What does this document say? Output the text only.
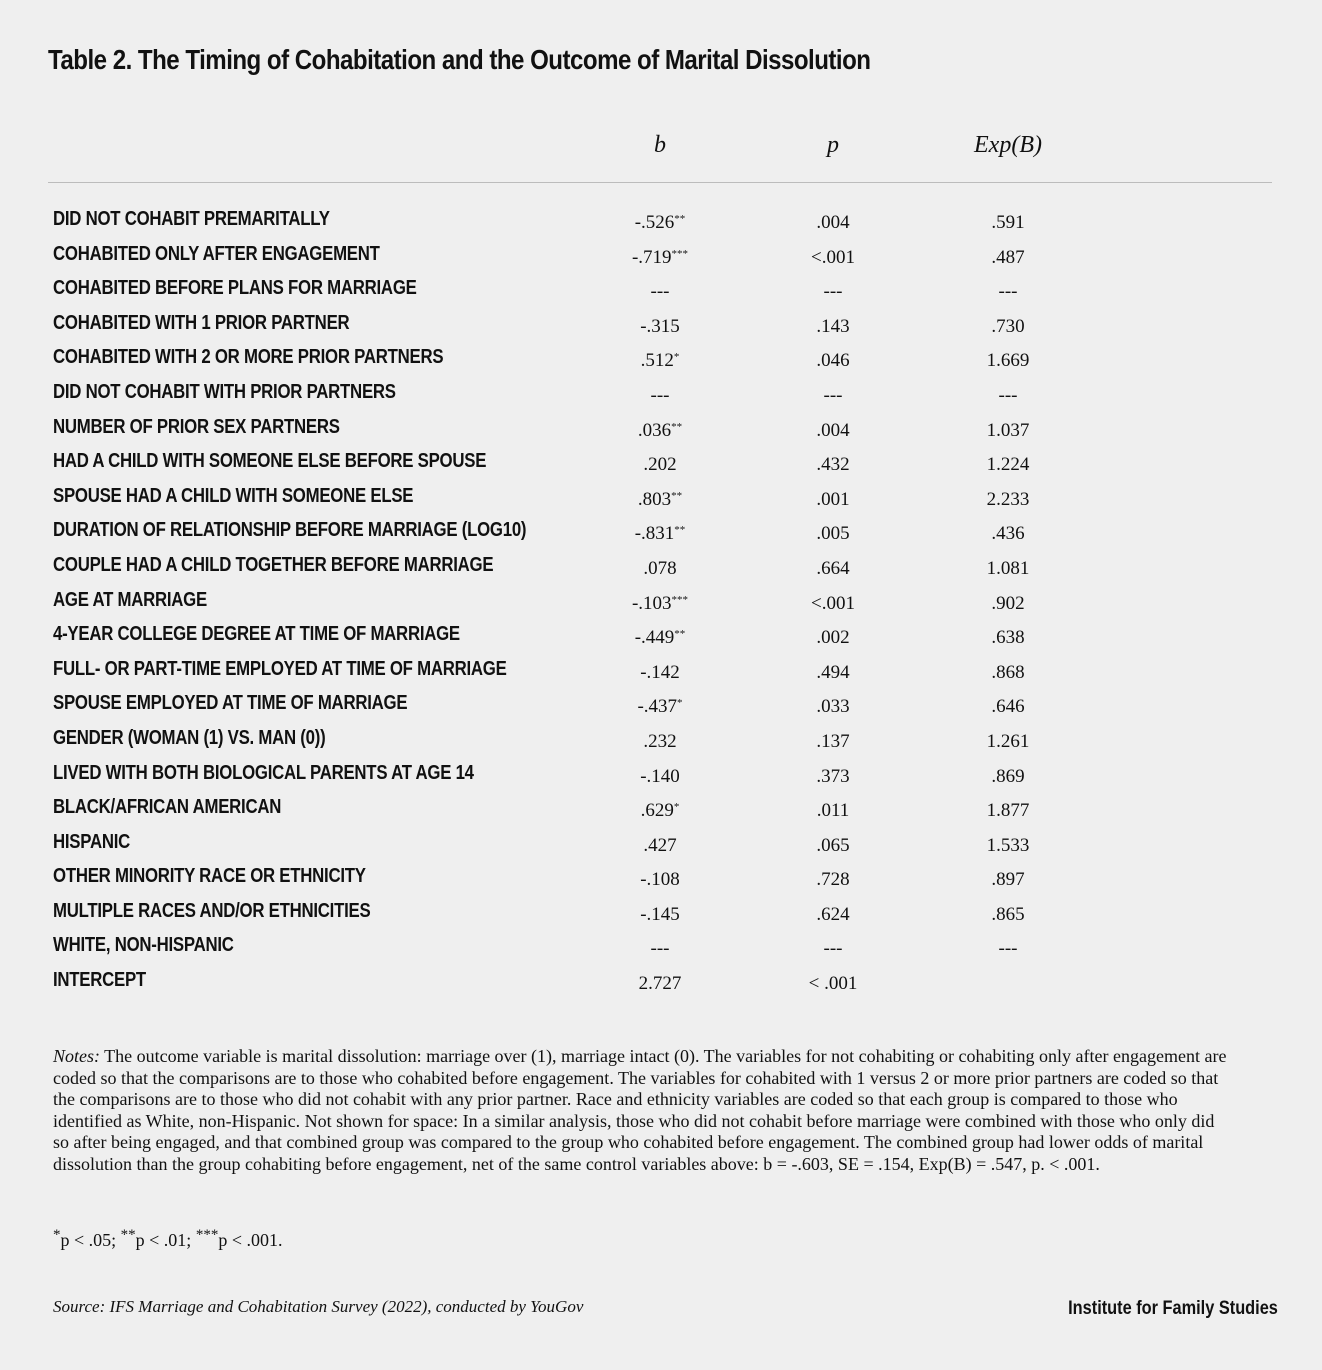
Table 2. The Timing of Cohabitation and the Outcome of Marital Dissolution
b	p	Exp(B)
DID NOT COHABIT PREMARITALLY	-.526**	.004	.591
COHABITED ONLY AFTER ENGAGEMENT	-.719***	<.001	.487
COHABITED BEFORE PLANS FOR MARRIAGE	---	---	---
COHABITED WITH 1 PRIOR PARTNER	-.315	.143	.730
COHABITED WITH 2 OR MORE PRIOR PARTNERS	.512*	.046	1.669
DID NOT COHABIT WITH PRIOR PARTNERS	---	---	---
NUMBER OF PRIOR SEX PARTNERS	.036**	.004	1.037
HAD A CHILD WITH SOMEONE ELSE BEFORE SPOUSE	.202	.432	1.224
SPOUSE HAD A CHILD WITH SOMEONE ELSE	.803**	.001	2.233
DURATION OF RELATIONSHIP BEFORE MARRIAGE (LOG10)	-.831**	.005	.436
COUPLE HAD A CHILD TOGETHER BEFORE MARRIAGE	.078	.664	1.081
AGE AT MARRIAGE	-.103***	<.001	.902
4-YEAR COLLEGE DEGREE AT TIME OF MARRIAGE	-.449**	.002	.638
FULL- OR PART-TIME EMPLOYED AT TIME OF MARRIAGE	-.142	.494	.868
SPOUSE EMPLOYED AT TIME OF MARRIAGE	-.437*	.033	.646
GENDER (WOMAN (1) VS. MAN (0))	.232	.137	1.261
LIVED WITH BOTH BIOLOGICAL PARENTS AT AGE 14	-.140	.373	.869
BLACK/AFRICAN AMERICAN	.629*	.011	1.877
HISPANIC	.427	.065	1.533
OTHER MINORITY RACE OR ETHNICITY	-.108	.728	.897
MULTIPLE RACES AND/OR ETHNICITIES	-.145	.624	.865
WHITE, NON-HISPANIC	---	---	---
INTERCEPT	2.727	< .001
Notes: The outcome variable is marital dissolution: marriage over (1), marriage intact (0). The variables for not cohabiting or cohabiting only after engagement are coded so that the comparisons are to those who cohabited before engagement. The variables for cohabited with 1 versus 2 or more prior partners are coded so that the comparisons are to those who did not cohabit with any prior partner. Race and ethnicity variables are coded so that each group is compared to those who identified as White, non-Hispanic. Not shown for space: In a similar analysis, those who did not cohabit before marriage were combined with those who only did so after being engaged, and that combined group was compared to the group who cohabited before engagement. The combined group had lower odds of marital dissolution than the group cohabiting before engagement, net of the same control variables above: b = -.603, SE = .154, Exp(B) = .547, p. < .001.
*p < .05; **p < .01; ***p < .001.
Source: IFS Marriage and Cohabitation Survey (2022), conducted by YouGov	Institute for Family Studies
